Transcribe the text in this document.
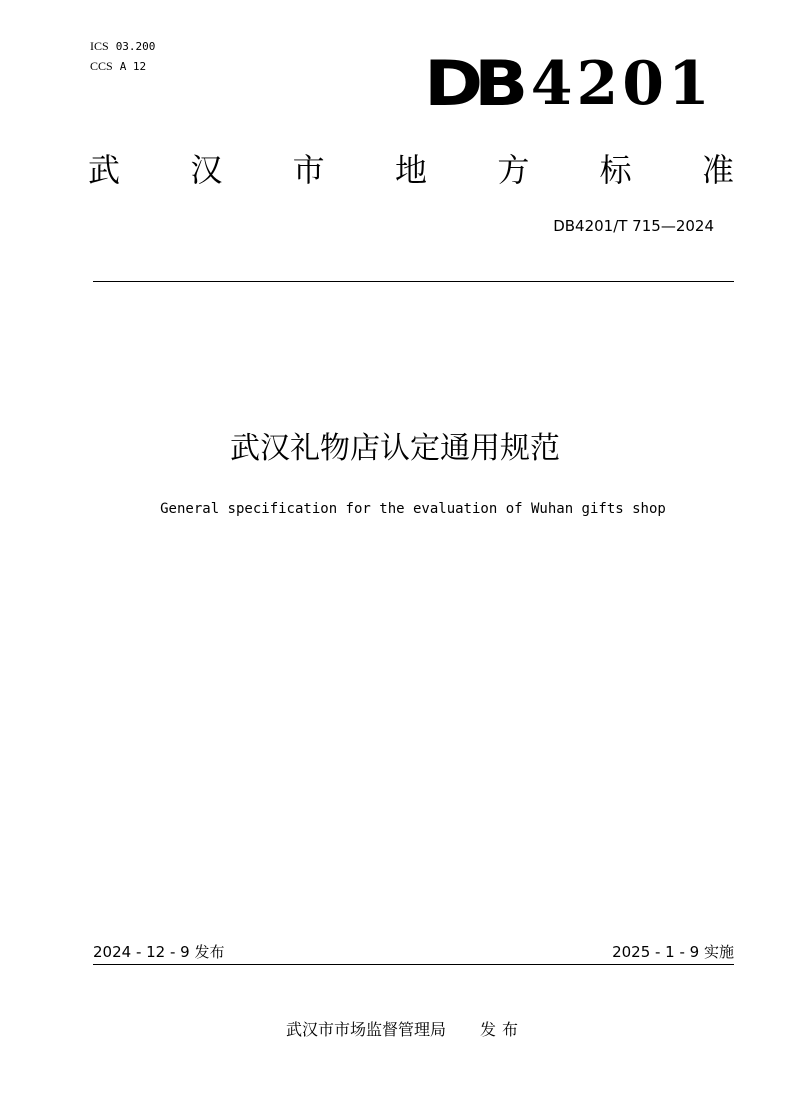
ICS 03.200
CCS A 12	DB 4201
武 汉 市 地 方 标 准
DB4201/T 715—2024
武汉礼物店认定通用规范
General specification for the evaluation of Wuhan gifts shop
2024 - 12 - 9 发布	2025 - 1 - 9 实施
武汉市市场监督管理局 发布
